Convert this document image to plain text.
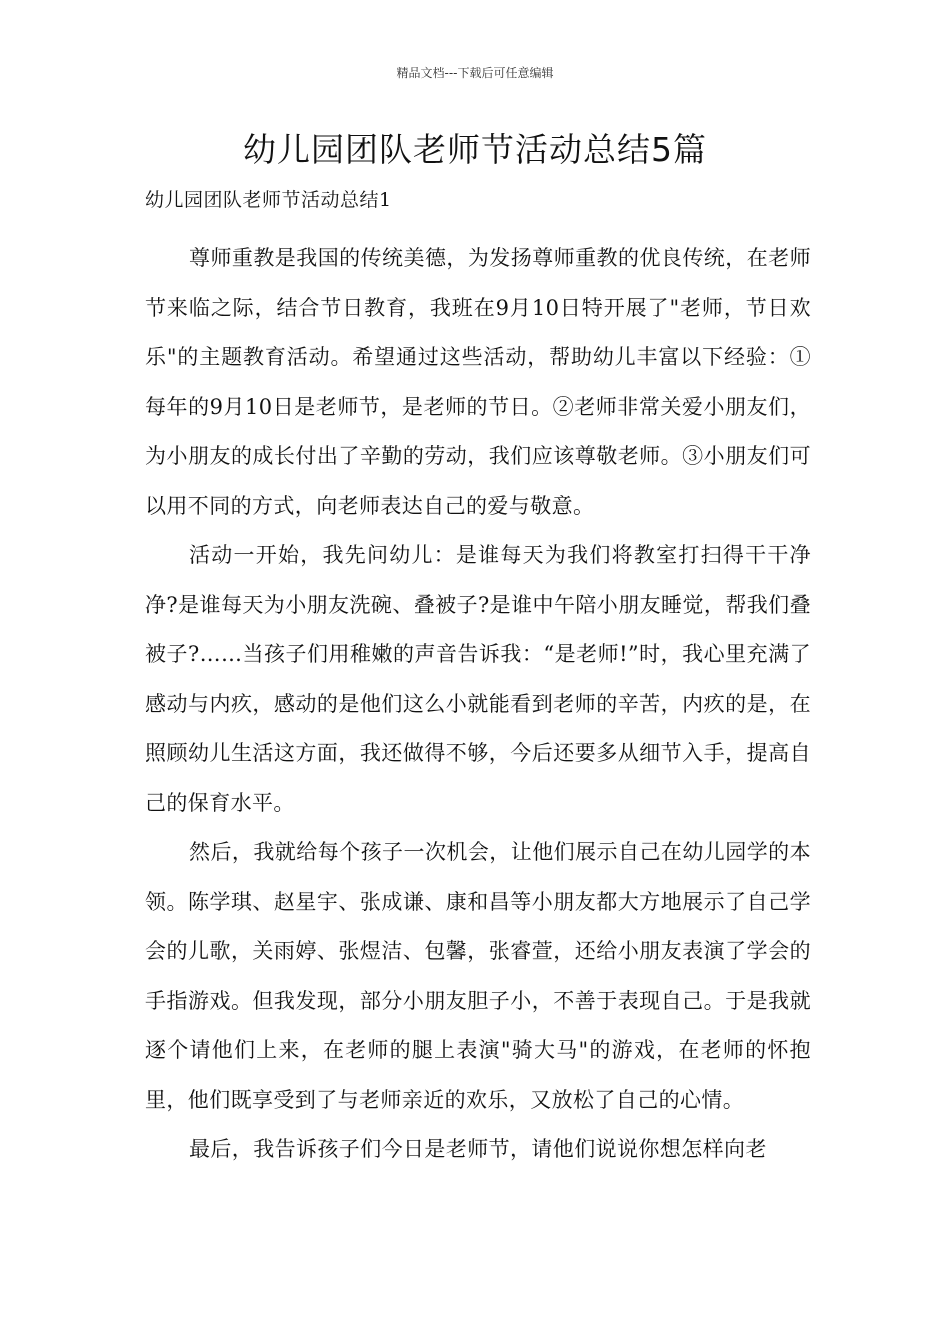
精品文档---下载后可任意编辑
幼儿园团队老师节活动总结5篇
幼儿园团队老师节活动总结1

尊师重教是我国的传统美德，为发扬尊师重教的优良传统，在老师节来临之际，结合节日教育，我班在9月10日特开展了"老师，节日欢乐"的主题教育活动。希望通过这些活动，帮助幼儿丰富以下经验：①每年的9月10日是老师节，是老师的节日。②老师非常关爱小朋友们，为小朋友的成长付出了辛勤的劳动，我们应该尊敬老师。③小朋友们可以用不同的方式，向老师表达自己的爱与敬意。

活动一开始，我先问幼儿：是谁每天为我们将教室打扫得干干净净?是谁每天为小朋友洗碗、叠被子?是谁中午陪小朋友睡觉，帮我们叠被子?……当孩子们用稚嫩的声音告诉我：“是老师!”时，我心里充满了感动与内疚，感动的是他们这么小就能看到老师的辛苦，内疚的是，在照顾幼儿生活这方面，我还做得不够，今后还要多从细节入手，提高自己的保育水平。

然后，我就给每个孩子一次机会，让他们展示自己在幼儿园学的本领。陈学琪、赵星宇、张成谦、康和昌等小朋友都大方地展示了自己学会的儿歌，关雨婷、张煜洁、包馨，张睿萱，还给小朋友表演了学会的手指游戏。但我发现，部分小朋友胆子小，不善于表现自己。于是我就逐个请他们上来，在老师的腿上表演"骑大马"的游戏，在老师的怀抱里，他们既享受到了与老师亲近的欢乐，又放松了自己的心情。

最后，我告诉孩子们今日是老师节，请他们说说你想怎样向老
